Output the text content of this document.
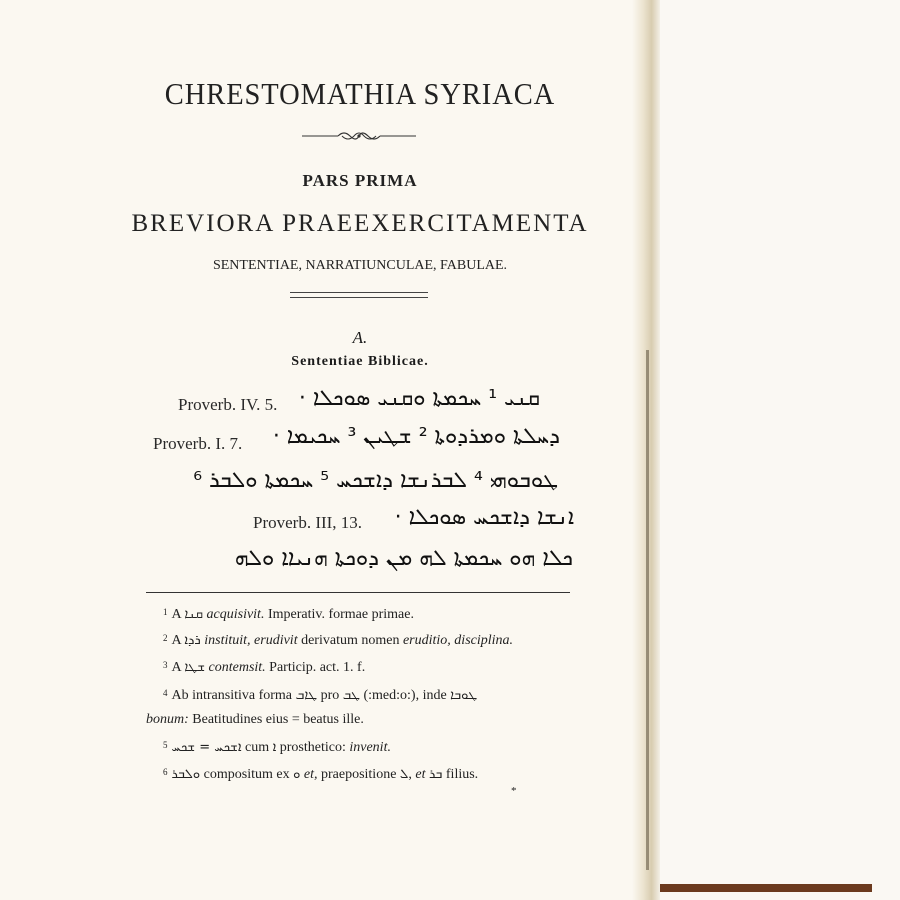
CHRESTOMATHIA SYRIACA
PARS PRIMA
BREVIORA PRAEEXERCITAMENTA
SENTENTIAE, NARRATIUNCULAE, FABULAE.
A.
Sententiae Biblicae.
Proverb. IV. 5. ܩܢܝ ¹ ܚܟܡܬܐ ܘܩܢܝ ܣܘܟܠܐ ·
Proverb. I. 7. ܕܚܠܬܐ ܘܡܪܕܘܬܐ ² ܫܛܝܢ ³ ܚܟܝܡܐ ·
ܛܘܒܘܗܝ ⁴ ܠܒܪܢܫܐ ܕܐܫܟܚ ⁵ ܚܟܡܬܐ ܘܠܒܪ ⁶
Proverb. III, 13. ܐܢܫܐ ܕܐܫܟܚ ܣܘܟܠܐ ·
ܟܠܐ ܗܘ ܚܟܡܬܐ ܠܗ ܡܢ ܕܘܟܬܐ ܗܢܝܐܐ ܘܠܗ
$^1$ A ܩܢܐ acquisivit. Imperativ. formae primae.
$^2$ A ܪܕܐ instituit, erudivit derivatum nomen eruditio, disciplina.
$^3$ A ܫܛܐ contemsit. Particip. act. 1. f.
$^4$ Ab intransitiva forma ܛܐܒ pro ܛܒ (:med:o:), inde ܛܘܒܐ
bonum: Beatitudines eius = beatus ille.
$^5$ ܐܫܟܚ = ܫܟܚ cum ܐ prosthetico: invenit.
$^6$ ܘܠܒܪ compositum ex ܘ et, praepositione ܠ, et ܒܪ filius.
*
